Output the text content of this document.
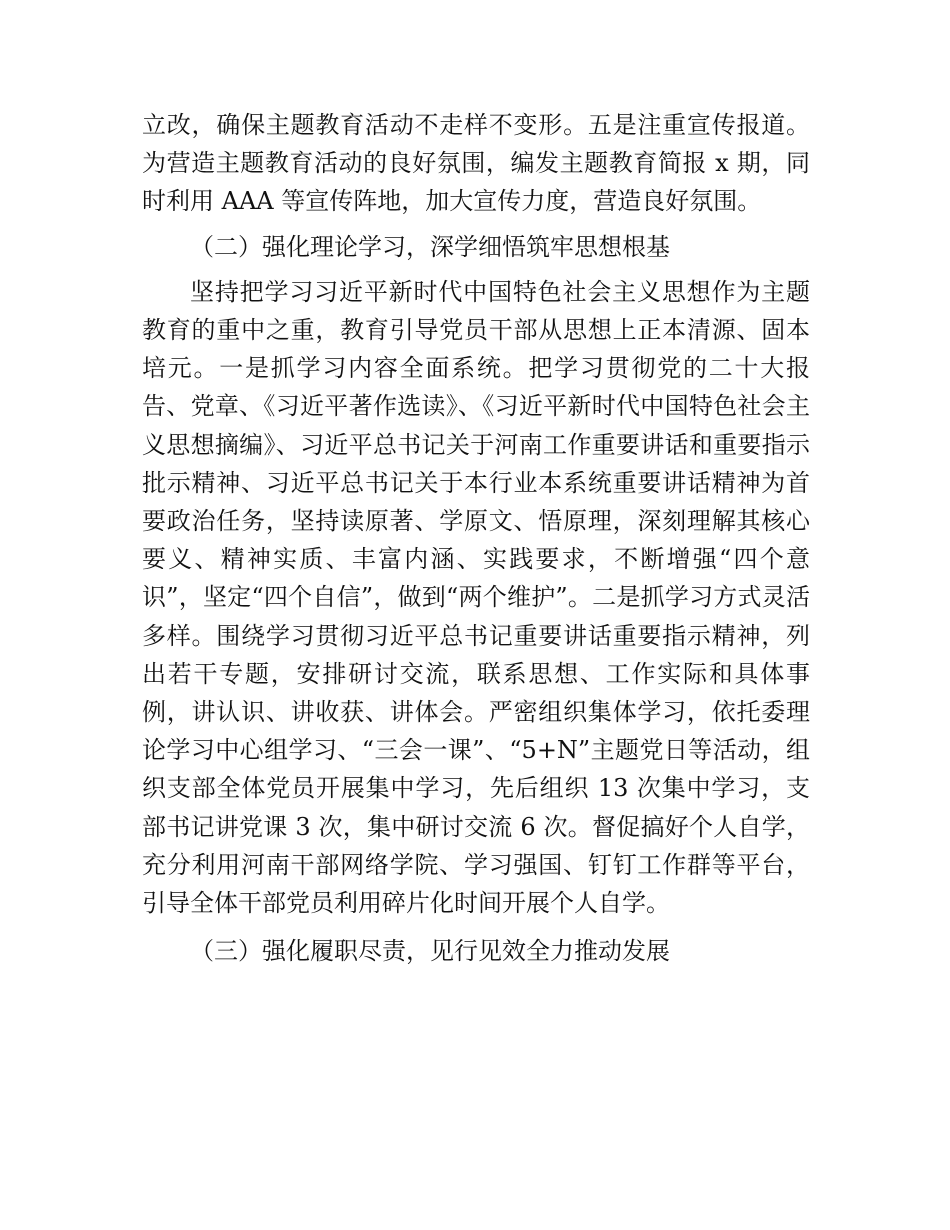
立改，确保主题教育活动不走样不变形。五是注重宣传报道。为营造主题教育活动的良好氛围，编发主题教育简报 x 期，同时利用 AAA 等宣传阵地，加大宣传力度，营造良好氛围。

（二）强化理论学习，深学细悟筑牢思想根基

坚持把学习习近平新时代中国特色社会主义思想作为主题教育的重中之重，教育引导党员干部从思想上正本清源、固本培元。一是抓学习内容全面系统。把学习贯彻党的二十大报告、党章、《习近平著作选读》、《习近平新时代中国特色社会主义思想摘编》、习近平总书记关于河南工作重要讲话和重要指示批示精神、习近平总书记关于本行业本系统重要讲话精神为首要政治任务，坚持读原著、学原文、悟原理，深刻理解其核心要义、精神实质、丰富内涵、实践要求，不断增强“四个意识”，坚定“四个自信”，做到“两个维护”。二是抓学习方式灵活多样。围绕学习贯彻习近平总书记重要讲话重要指示精神，列出若干专题，安排研讨交流，联系思想、工作实际和具体事例，讲认识、讲收获、讲体会。严密组织集体学习，依托委理论学习中心组学习、“三会一课”、“5+N”主题党日等活动，组织支部全体党员开展集中学习，先后组织 13 次集中学习，支部书记讲党课 3 次，集中研讨交流 6 次。督促搞好个人自学，充分利用河南干部网络学院、学习强国、钉钉工作群等平台，引导全体干部党员利用碎片化时间开展个人自学。

（三）强化履职尽责，见行见效全力推动发展
